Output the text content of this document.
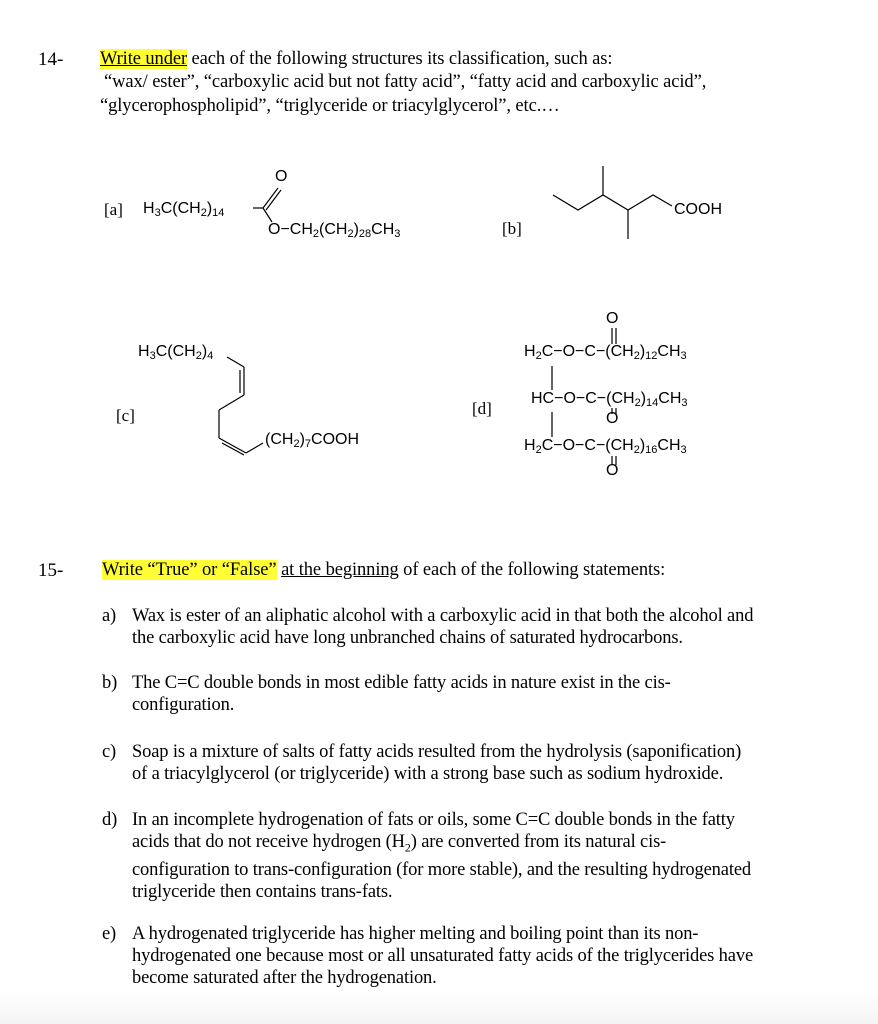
14- Write under each of the following structures its classification, such as:
“wax/ ester”, “carboxylic acid but not fatty acid”, “fatty acid and carboxylic acid”,
“glycerophospholipid”, “triglyceride or triacylglycerol”, etc.…
[a] $H_3C(CH_2)_{14}$
O
$O-CH_2(CH_2)_{28}CH_3$	[b]
COOH
[c]
$H_3C(CH_2)_4$
$(CH_2)_7COOH$
[d]
O
$H_2C-O-C-(CH_2)_{12}CH_3$
$HC-O-C-(CH_2)_{14}CH_3$
O
$H_2C-O-C-(CH_2)_{16}CH_3$
O
15- Write “True” or “False” at the beginning of each of the following statements:
a) Wax is ester of an aliphatic alcohol with a carboxylic acid in that both the alcohol and
the carboxylic acid have long unbranched chains of saturated hydrocarbons.
b) The C=C double bonds in most edible fatty acids in nature exist in the cis-
configuration.
c) Soap is a mixture of salts of fatty acids resulted from the hydrolysis (saponification)
of a triacylglycerol (or triglyceride) with a strong base such as sodium hydroxide.
d) In an incomplete hydrogenation of fats or oils, some C=C double bonds in the fatty
acids that do not receive hydrogen $(H_2)$ are converted from its natural cis-
configuration to trans-configuration (for more stable), and the resulting hydrogenated
triglyceride then contains trans-fats.
e) A hydrogenated triglyceride has higher melting and boiling point than its non-
hydrogenated one because most or all unsaturated fatty acids of the triglycerides have
become saturated after the hydrogenation.
